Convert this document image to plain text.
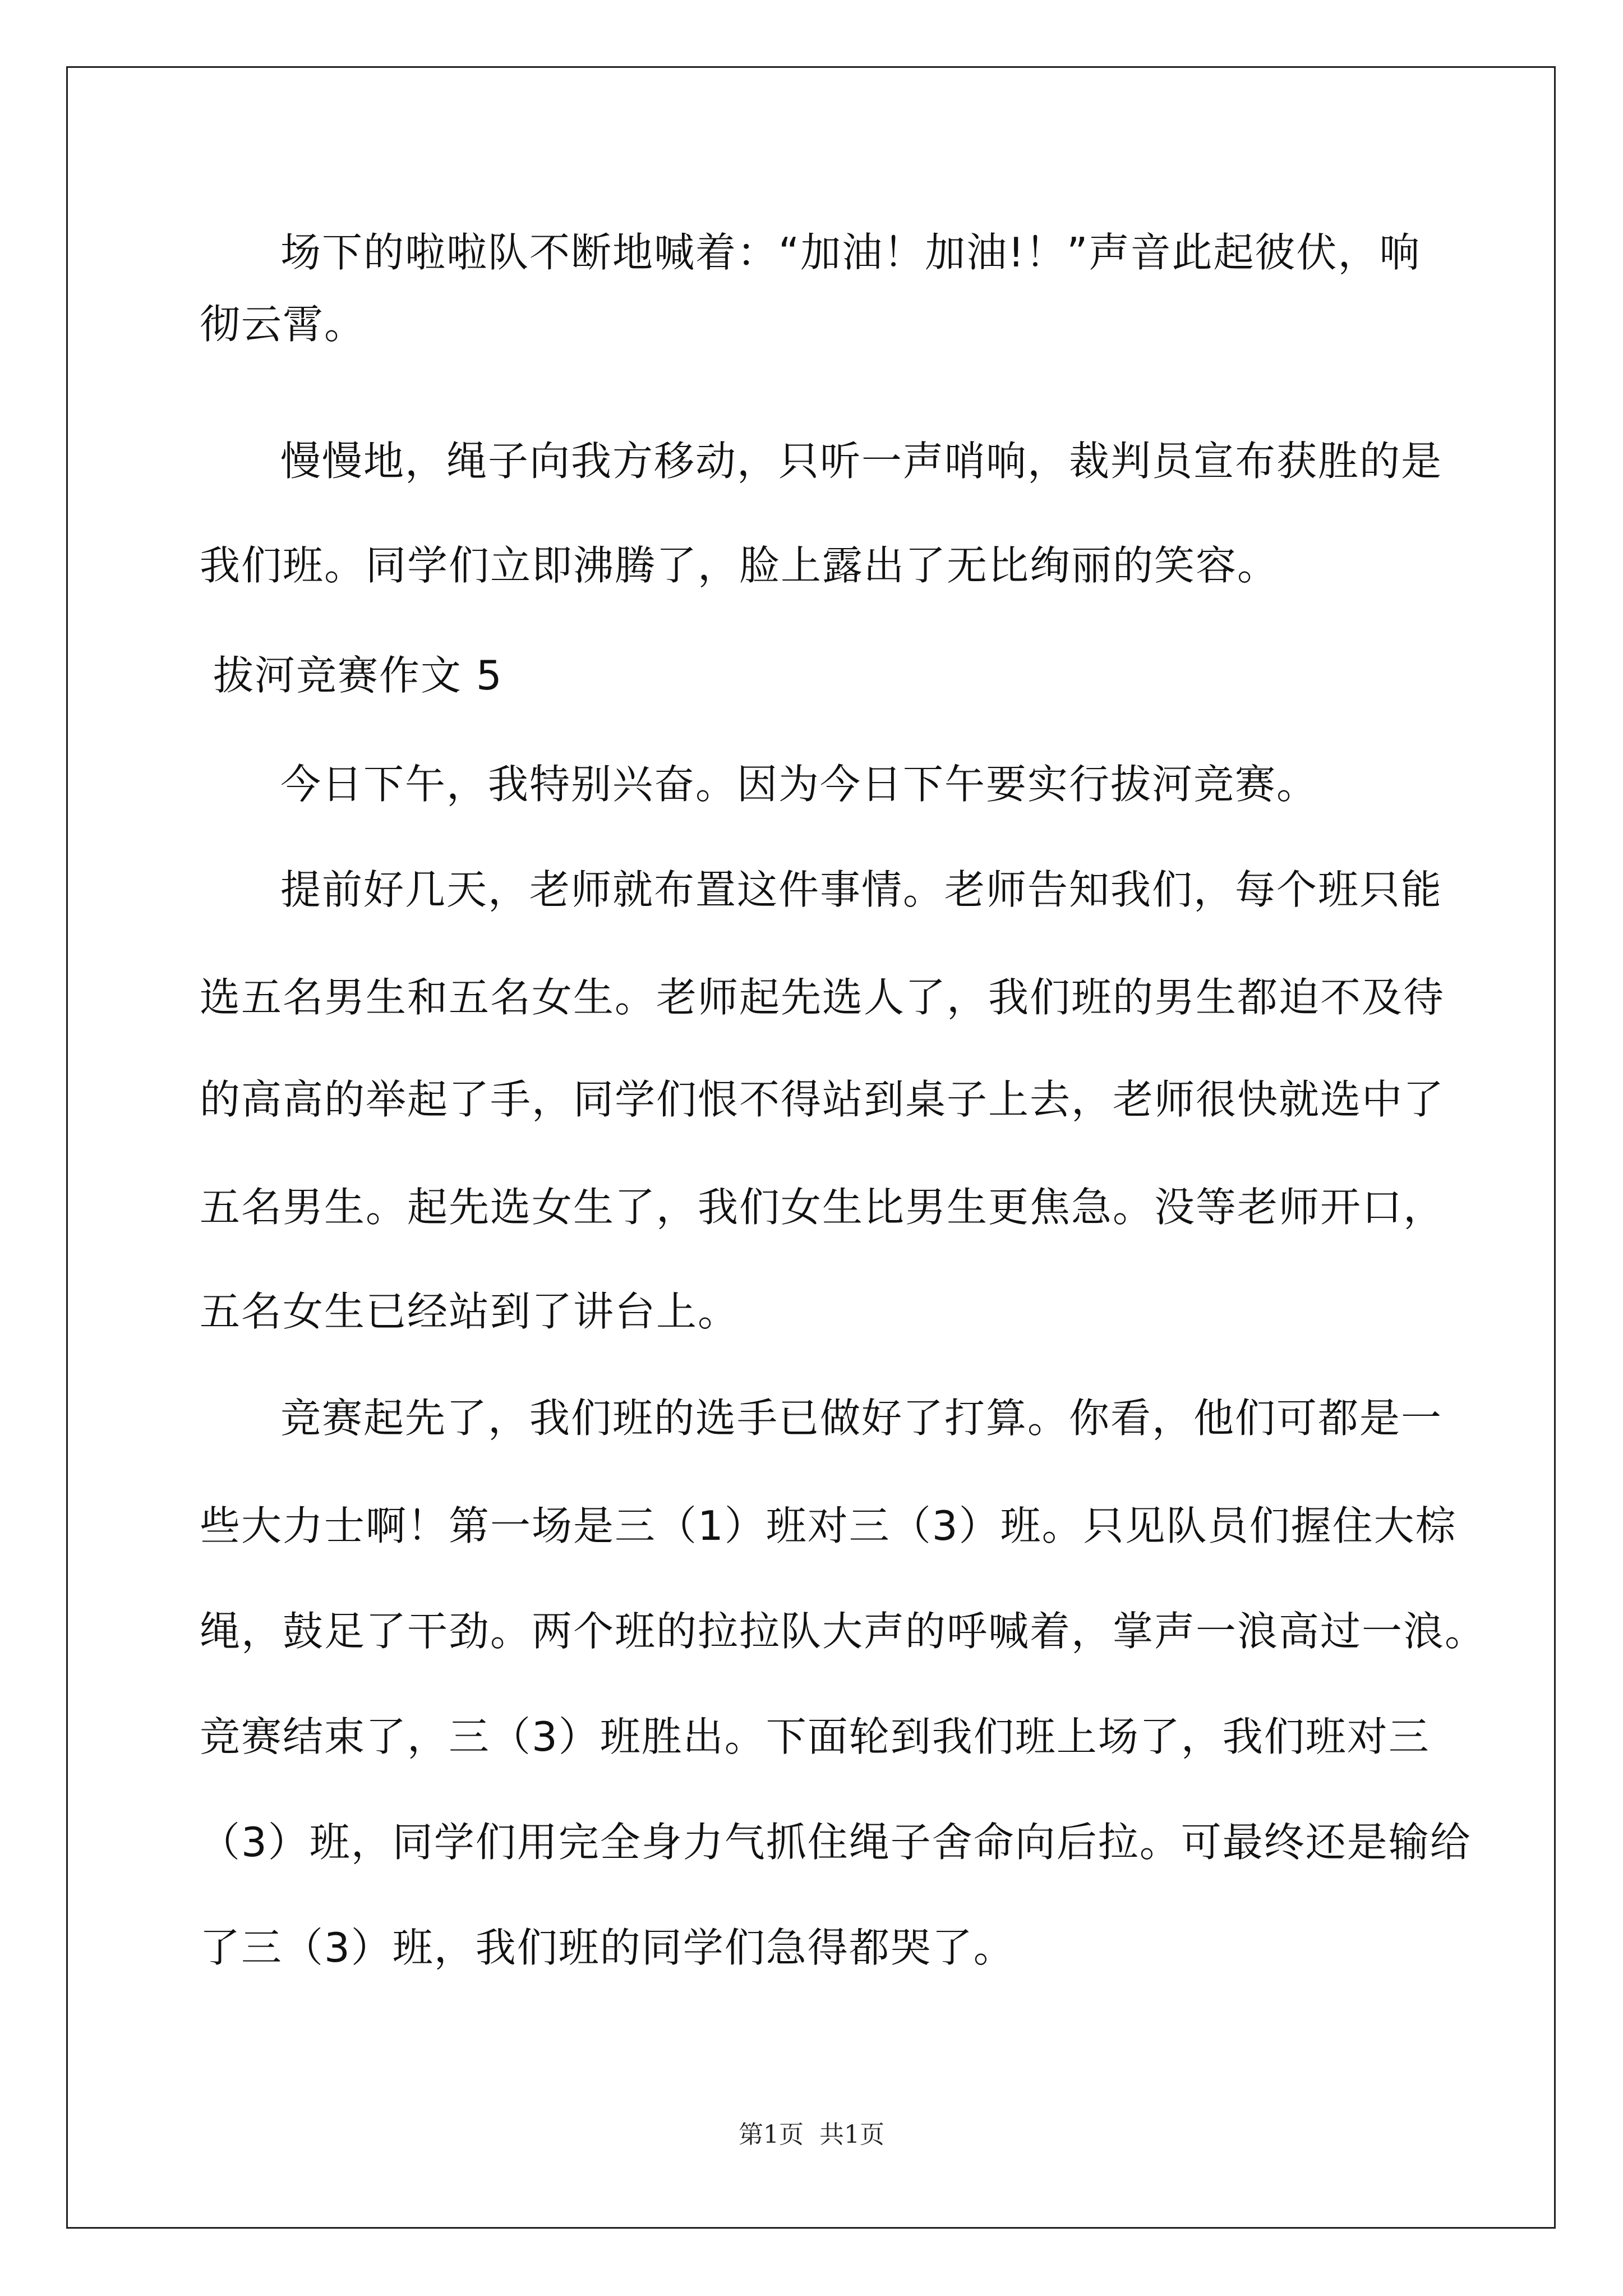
场下的啦啦队不断地喊着：“加油！加油!！”声音此起彼伏，响
彻云霄。
慢慢地，绳子向我方移动，只听一声哨响，裁判员宣布获胜的是
我们班。同学们立即沸腾了，脸上露出了无比绚丽的笑容。
拔河竞赛作文 5
今日下午，我特别兴奋。因为今日下午要实行拔河竞赛。
提前好几天，老师就布置这件事情。老师告知我们，每个班只能
选五名男生和五名女生。老师起先选人了，我们班的男生都迫不及待
的高高的举起了手，同学们恨不得站到桌子上去，老师很快就选中了
五名男生。起先选女生了，我们女生比男生更焦急。没等老师开口，
五名女生已经站到了讲台上。
竞赛起先了，我们班的选手已做好了打算。你看，他们可都是一
些大力士啊！第一场是三（1）班对三（3）班。只见队员们握住大棕
绳，鼓足了干劲。两个班的拉拉队大声的呼喊着，掌声一浪高过一浪。
竞赛结束了，三（3）班胜出。下面轮到我们班上场了，我们班对三
（3）班，同学们用完全身力气抓住绳子舍命向后拉。可最终还是输给
了三（3）班，我们班的同学们急得都哭了。
第1页 共1页
